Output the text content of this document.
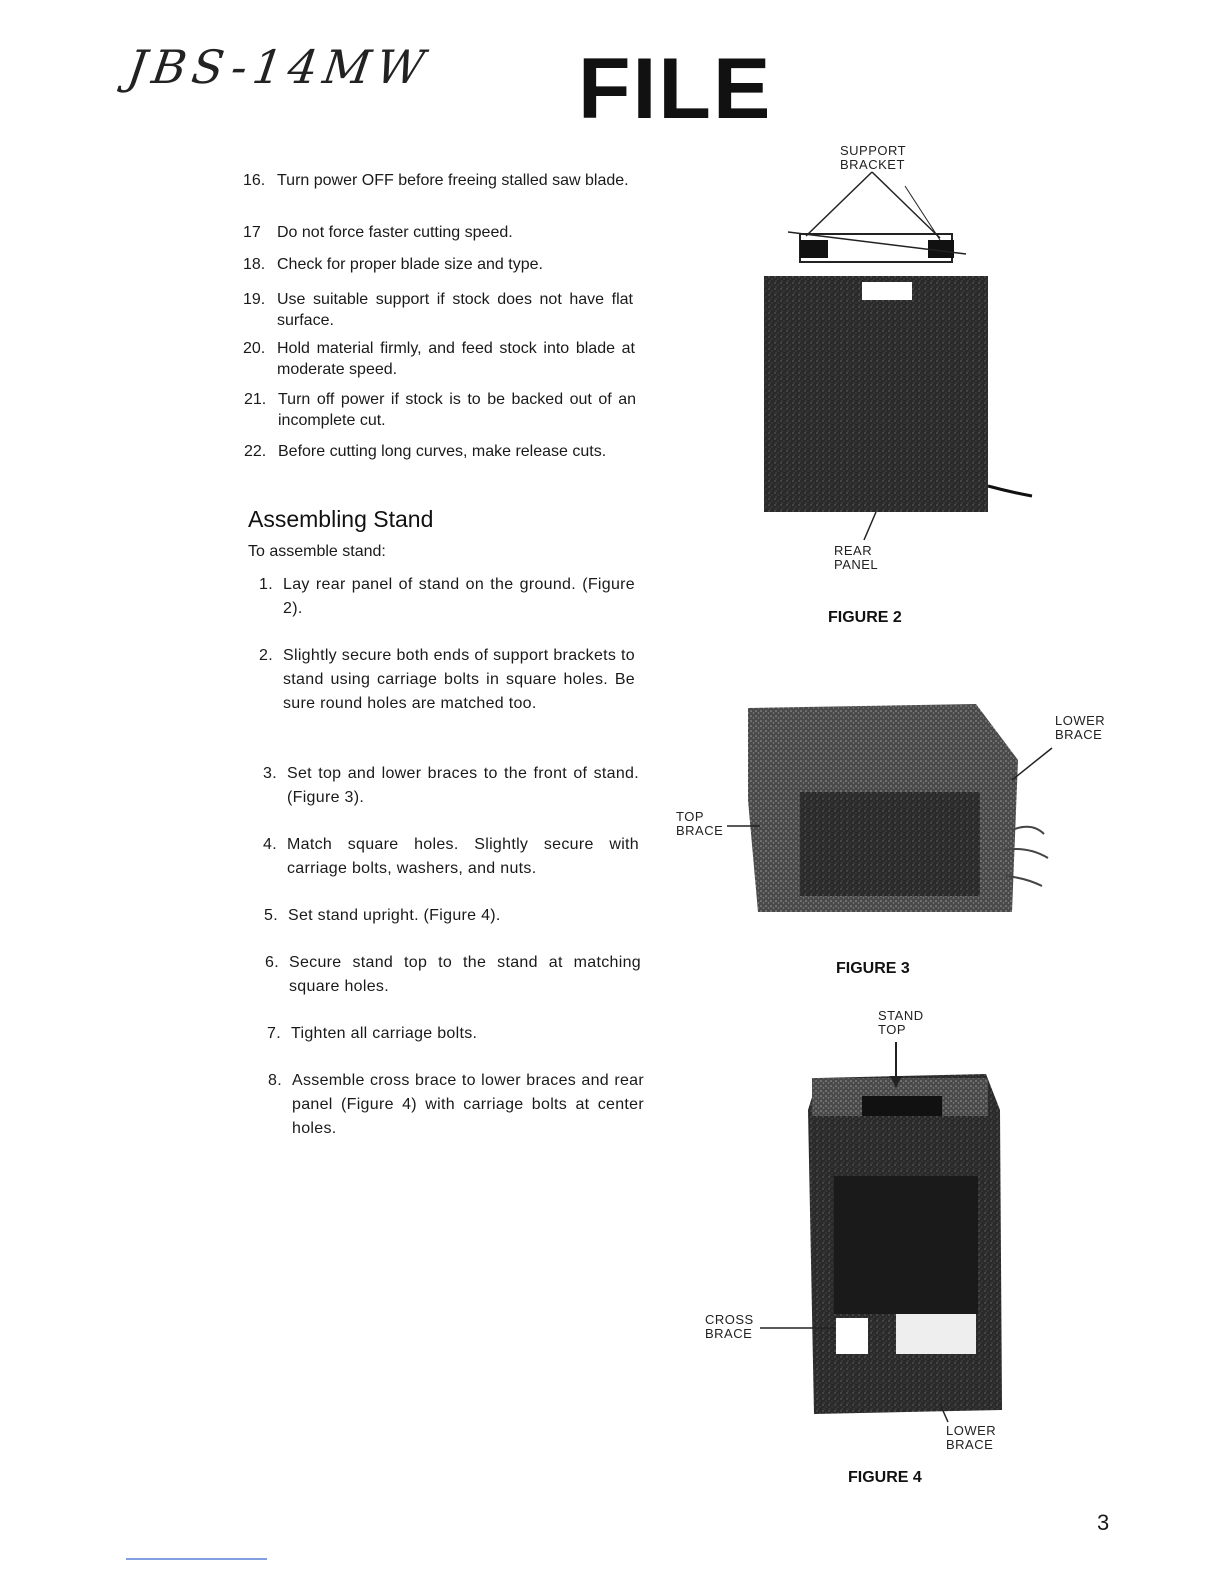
JBS-14MW FILE
16. Turn power OFF before freeing stalled saw blade.
17 Do not force faster cutting speed.
18. Check for proper blade size and type.
19. Use suitable support if stock does not have flat surface.
20. Hold material firmly, and feed stock into blade at moderate speed.
21. Turn off power if stock is to be backed out of an incomplete cut.
22. Before cutting long curves, make release cuts.
Assembling Stand
To assemble stand:
1. Lay rear panel of stand on the ground. (Figure 2).
2. Slightly secure both ends of support brackets to stand using carriage bolts in square holes. Be sure round holes are matched too.
3. Set top and lower braces to the front of stand. (Figure 3).
4. Match square holes. Slightly secure with carriage bolts, washers, and nuts.
5. Set stand upright. (Figure 4).
6. Secure stand top to the stand at matching square holes.
7. Tighten all carriage bolts.
8. Assemble cross brace to lower braces and rear panel (Figure 4) with carriage bolts at center holes.
SUPPORT
BRACKET
REAR
PANEL
FIGURE 2
LOWER
BRACE
TOP
BRACE
FIGURE 3
STAND
TOP
CROSS
BRACE
LOWER
BRACE
FIGURE 4
3
